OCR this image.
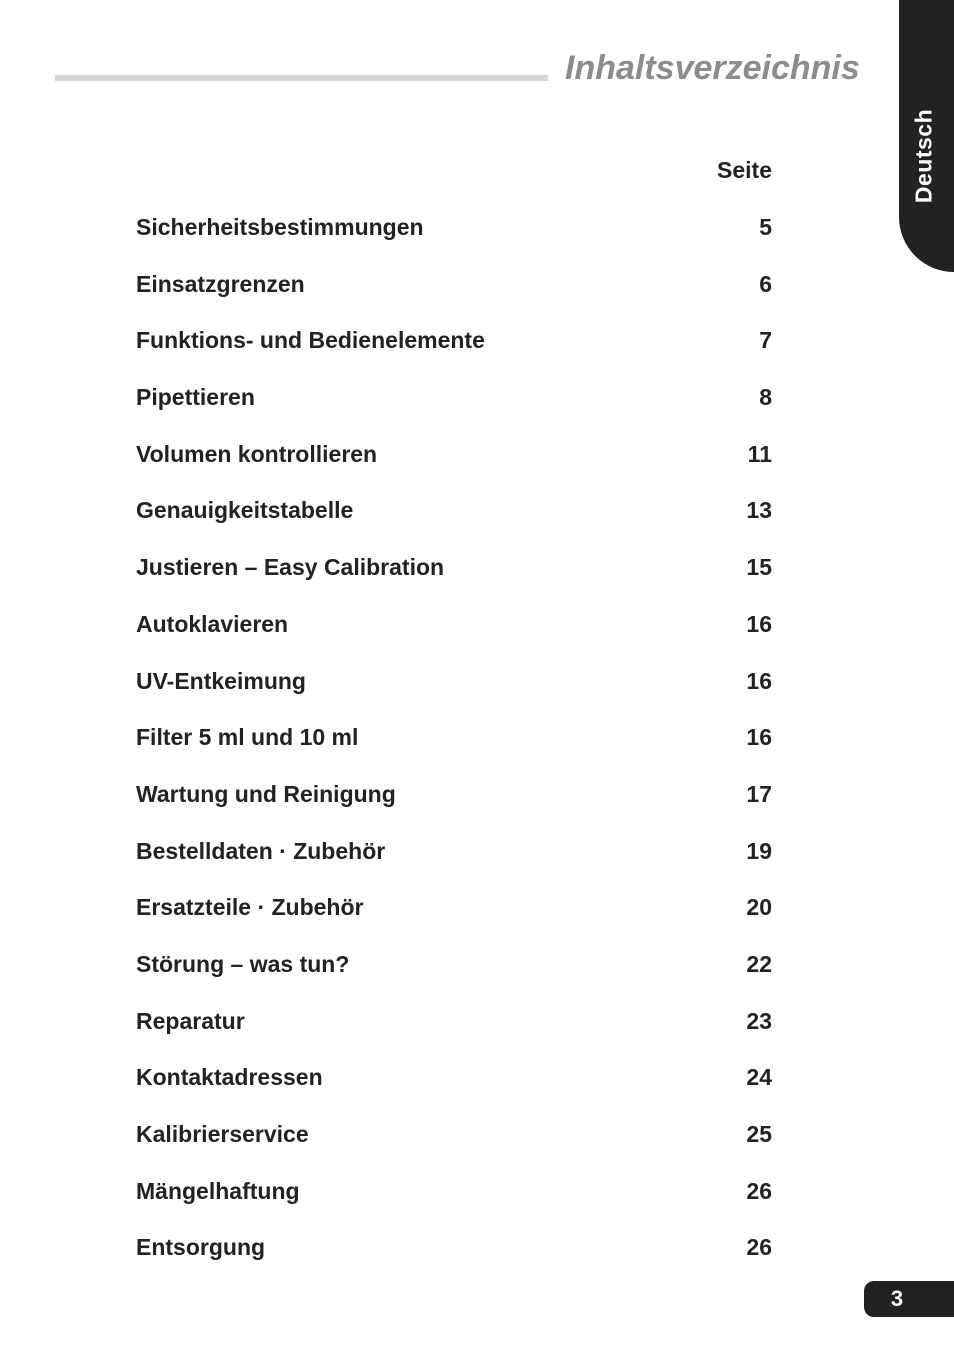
Inhaltsverzeichnis
Deutsch
Seite
Sicherheitsbestimmungen	5
Einsatzgrenzen	6
Funktions- und Bedienelemente	7
Pipettieren	8
Volumen kontrollieren	11
Genauigkeitstabelle	13
Justieren – Easy Calibration	15
Autoklavieren	16
UV-Entkeimung	16
Filter 5 ml und 10 ml	16
Wartung und Reinigung	17
Bestelldaten · Zubehör	19
Ersatzteile · Zubehör	20
Störung – was tun?	22
Reparatur	23
Kontaktadressen	24
Kalibrierservice	25
Mängelhaftung	26
Entsorgung	26
3
